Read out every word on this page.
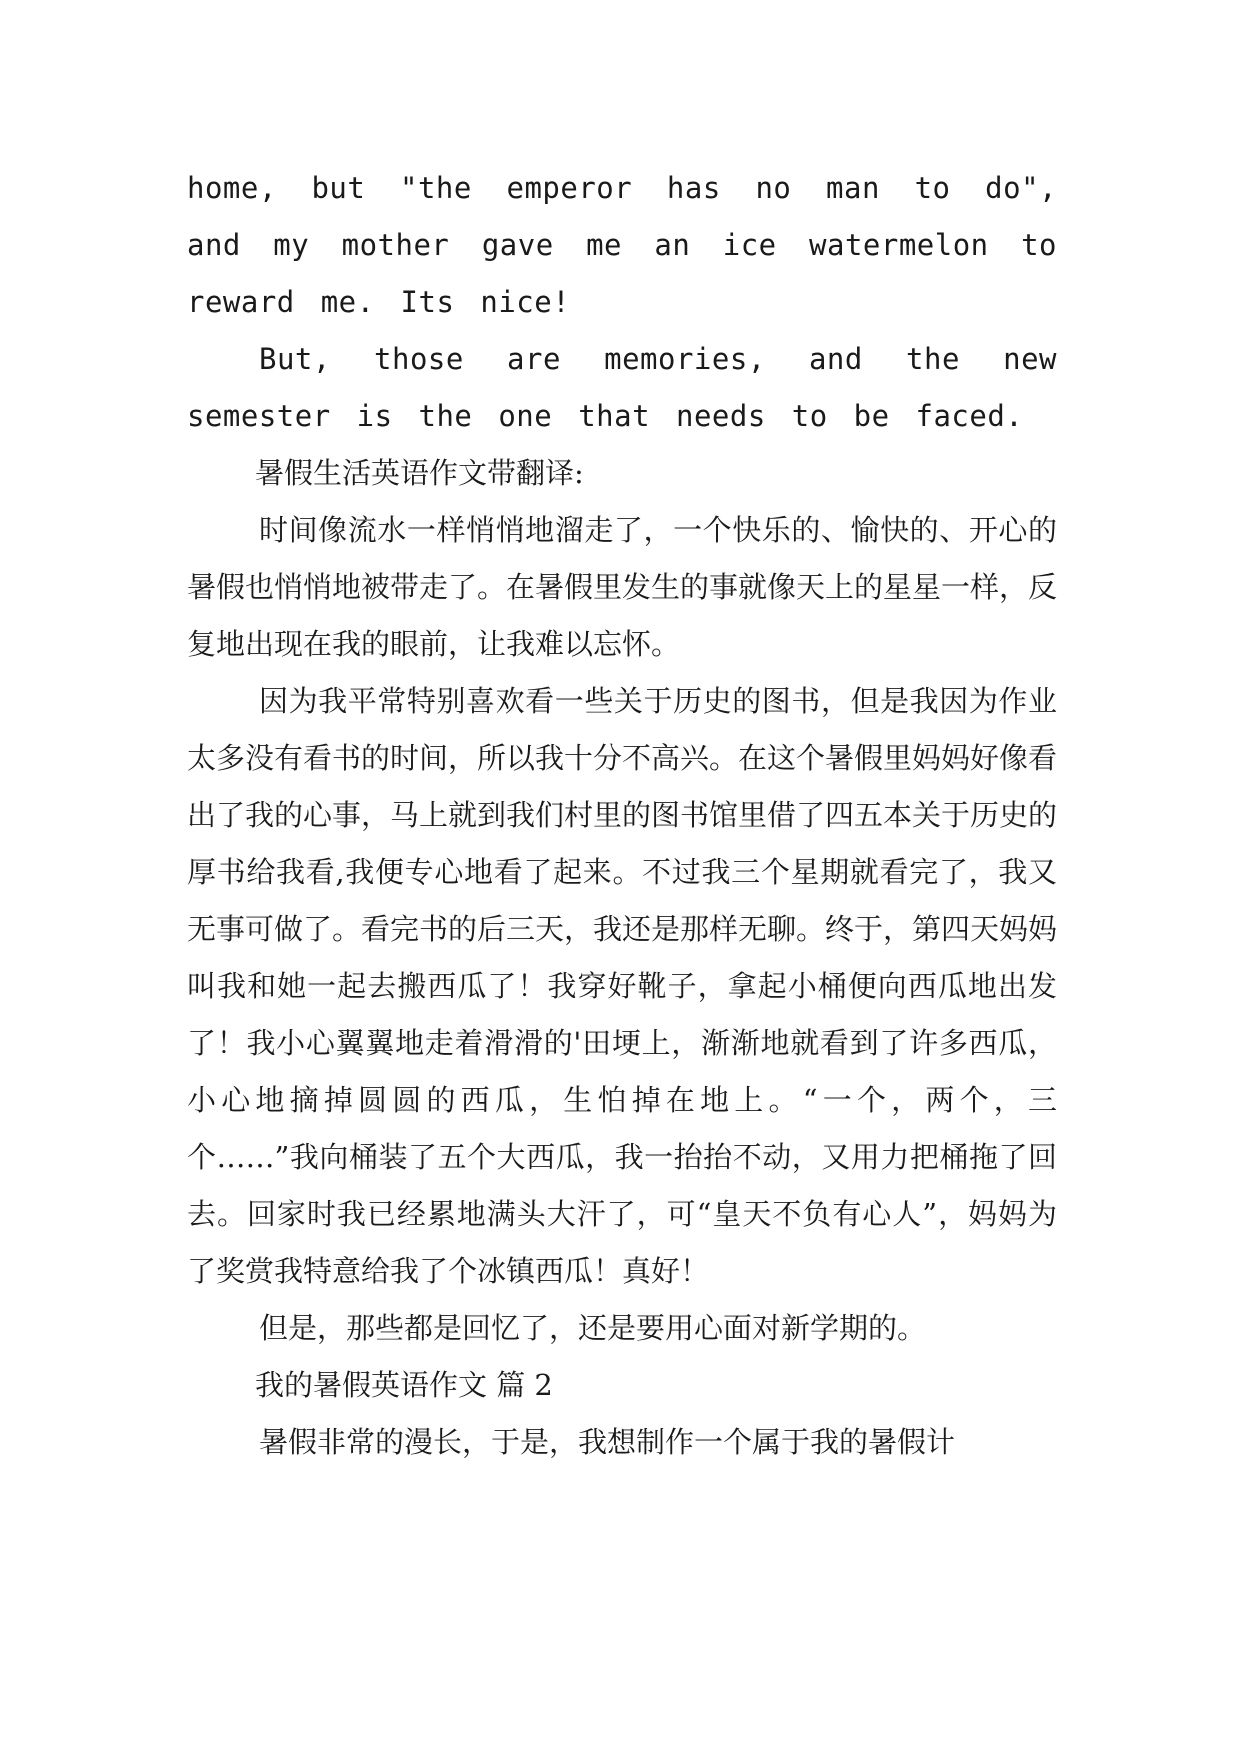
home, but "the emperor has no man to do", and my mother gave me an ice watermelon to reward me. Its nice!

But, those are memories, and the new semester is the one that needs to be faced.

暑假生活英语作文带翻译:

时间像流水一样悄悄地溜走了，一个快乐的、愉快的、开心的暑假也悄悄地被带走了。在暑假里发生的事就像天上的星星一样，反复地出现在我的眼前，让我难以忘怀。

因为我平常特别喜欢看一些关于历史的图书，但是我因为作业太多没有看书的时间，所以我十分不高兴。在这个暑假里妈妈好像看出了我的心事，马上就到我们村里的图书馆里借了四五本关于历史的厚书给我看,我便专心地看了起来。不过我三个星期就看完了，我又无事可做了。看完书的后三天，我还是那样无聊。终于，第四天妈妈叫我和她一起去搬西瓜了！我穿好靴子，拿起小桶便向西瓜地出发了！我小心翼翼地走着滑滑的'田埂上，渐渐地就看到了许多西瓜，小心地摘掉圆圆的西瓜，生怕掉在地上。“一个，两个，三个……”我向桶装了五个大西瓜，我一抬抬不动，又用力把桶拖了回去。回家时我已经累地满头大汗了，可“皇天不负有心人”，妈妈为了奖赏我特意给我了个冰镇西瓜！真好！

但是，那些都是回忆了，还是要用心面对新学期的。

我的暑假英语作文 篇 2

暑假非常的漫长，于是，我想制作一个属于我的暑假计
